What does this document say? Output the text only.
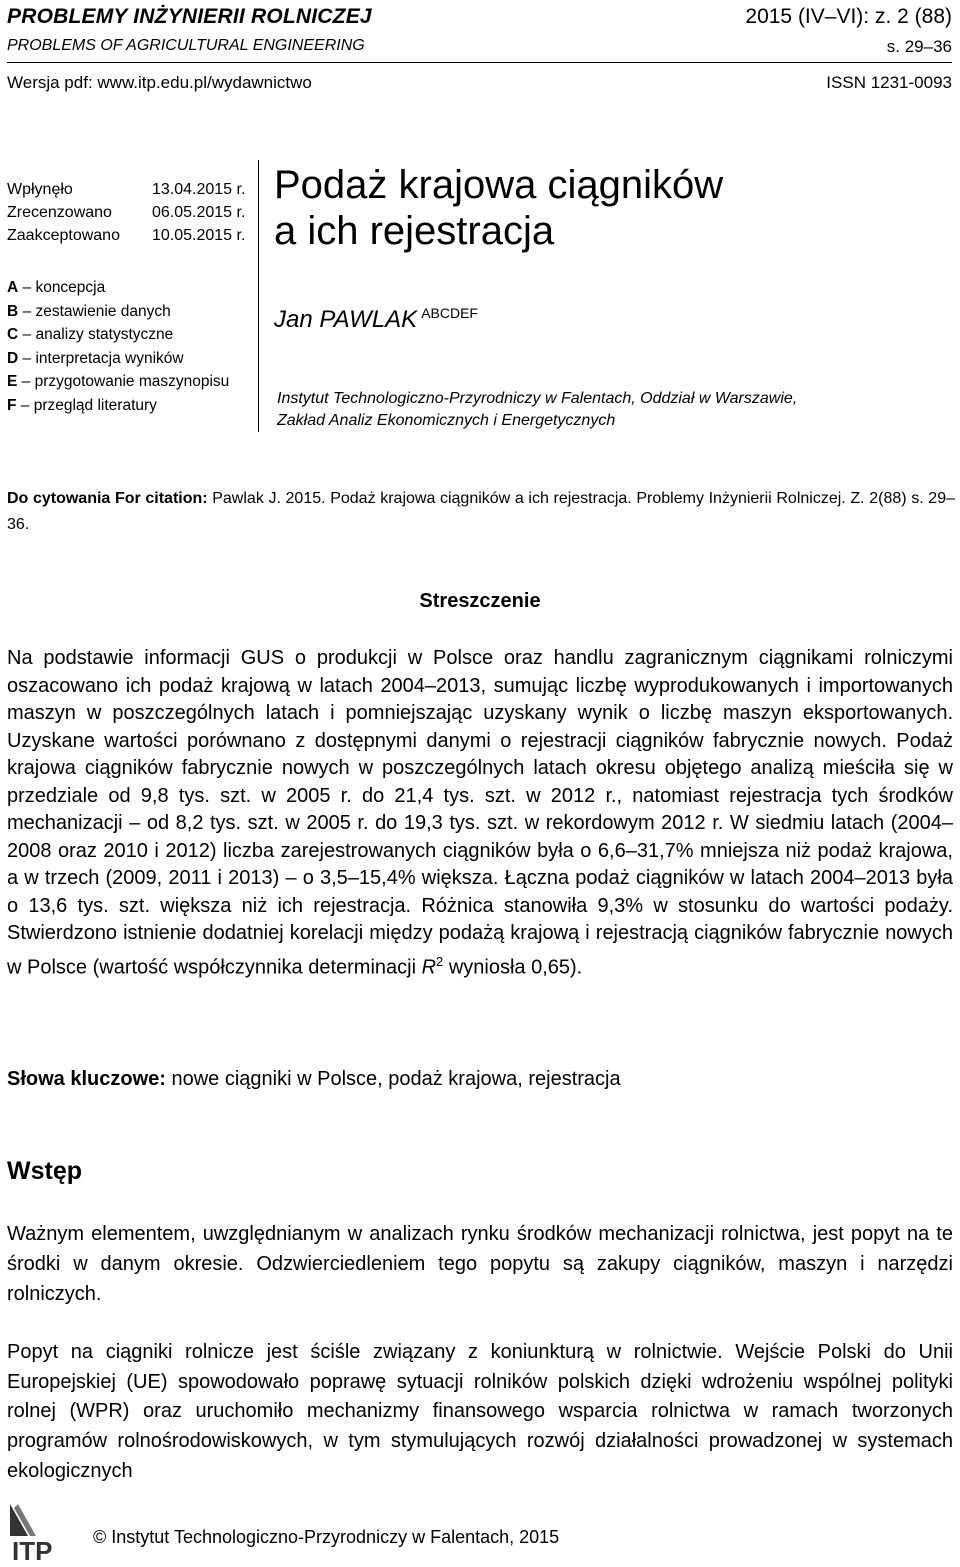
PROBLEMY INŻYNIERII ROLNICZEJ
PROBLEMS OF AGRICULTURAL ENGINEERING
2015 (IV–VI): z. 2 (88)
s. 29–36
Wersja pdf: www.itp.edu.pl/wydawnictwo	ISSN 1231-0093
Wpłynęło	13.04.2015 r.
Zrecenzowano	06.05.2015 r.
Zaakceptowano	10.05.2015 r.
A – koncepcja
B – zestawienie danych
C – analizy statystyczne
D – interpretacja wyników
E – przygotowanie maszynopisu
F – przegląd literatury
Podaż krajowa ciągników
a ich rejestracja
Jan PAWLAK $^{ABCDEF}$
Instytut Technologiczno-Przyrodniczy w Falentach, Oddział w Warszawie,
Zakład Analiz Ekonomicznych i Energetycznych
Do cytowania For citation: Pawlak J. 2015. Podaż krajowa ciągników a ich rejestracja. Problemy Inżynierii Rolniczej. Z. 2(88) s. 29–36.
Streszczenie
Na podstawie informacji GUS o produkcji w Polsce oraz handlu zagranicznym ciągnikami rolniczymi oszacowano ich podaż krajową w latach 2004–2013, sumując liczbę wyprodukowanych i importowanych maszyn w poszczególnych latach i pomniejszając uzyskany wynik o liczbę maszyn eksportowanych. Uzyskane wartości porównano z dostępnymi danymi o rejestracji ciągników fabrycznie nowych. Podaż krajowa ciągników fabrycznie nowych w poszczególnych latach okresu objętego analizą mieściła się w przedziale od 9,8 tys. szt. w 2005 r. do 21,4 tys. szt. w 2012 r., natomiast rejestracja tych środków mechanizacji – od 8,2 tys. szt. w 2005 r. do 19,3 tys. szt. w rekordowym 2012 r. W siedmiu latach (2004–2008 oraz 2010 i 2012) liczba zarejestrowanych ciągników była o 6,6–31,7% mniejsza niż podaż krajowa, a w trzech (2009, 2011 i 2013) – o 3,5–15,4% większa. Łączna podaż ciągników w latach 2004–2013 była o 13,6 tys. szt. większa niż ich rejestracja. Różnica stanowiła 9,3% w stosunku do wartości podaży. Stwierdzono istnienie dodatniej korelacji między podażą krajową i rejestracją ciągników fabrycznie nowych w Polsce (wartość współczynnika determinacji $R^2$ wyniosła 0,65).
Słowa kluczowe: nowe ciągniki w Polsce, podaż krajowa, rejestracja
Wstęp
Ważnym elementem, uwzględnianym w analizach rynku środków mechanizacji rolnictwa, jest popyt na te środki w danym okresie. Odzwierciedleniem tego popytu są zakupy ciągników, maszyn i narzędzi rolniczych.
Popyt na ciągniki rolnicze jest ściśle związany z koniunkturą w rolnictwie. Wejście Polski do Unii Europejskiej (UE) spowodowało poprawę sytuacji rolników polskich dzięki wdrożeniu wspólnej polityki rolnej (WPR) oraz uruchomiło mechanizmy finansowego wsparcia rolnictwa w ramach tworzonych programów rolnośrodowiskowych, w tym stymulujących rozwój działalności prowadzonej w systemach ekologicznych
ITP © Instytut Technologiczno-Przyrodniczy w Falentach, 2015
